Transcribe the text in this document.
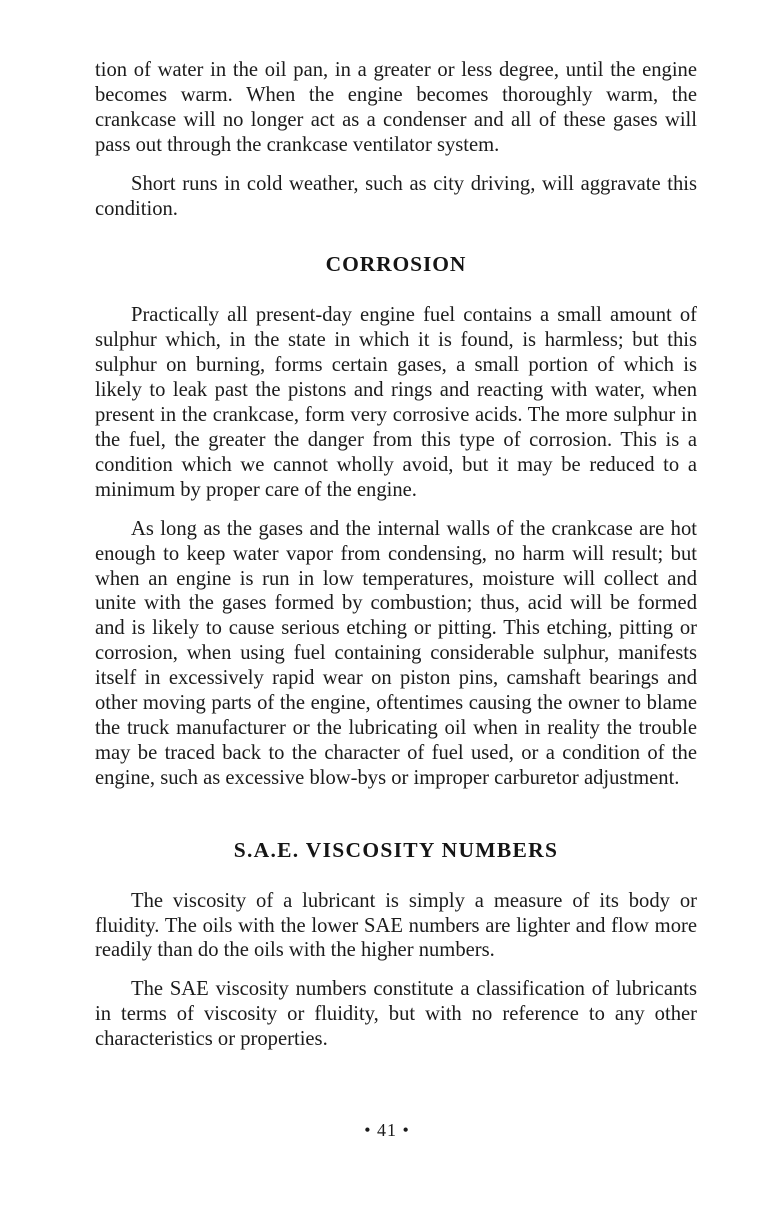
tion of water in the oil pan, in a greater or less degree, until the engine becomes warm. When the engine becomes thoroughly warm, the crankcase will no longer act as a condenser and all of these gases will pass out through the crankcase ventilator system.

Short runs in cold weather, such as city driving, will aggravate this condition.

CORROSION

Practically all present-day engine fuel contains a small amount of sulphur which, in the state in which it is found, is harmless; but this sulphur on burning, forms certain gases, a small portion of which is likely to leak past the pistons and rings and reacting with water, when present in the crankcase, form very corrosive acids. The more sulphur in the fuel, the greater the danger from this type of corrosion. This is a condition which we cannot wholly avoid, but it may be reduced to a minimum by proper care of the engine.

As long as the gases and the internal walls of the crankcase are hot enough to keep water vapor from condensing, no harm will result; but when an engine is run in low temperatures, moisture will collect and unite with the gases formed by combustion; thus, acid will be formed and is likely to cause serious etching or pitting. This etching, pitting or corrosion, when using fuel containing considerable sulphur, manifests itself in excessively rapid wear on piston pins, camshaft bearings and other moving parts of the engine, oftentimes causing the owner to blame the truck manufacturer or the lubricating oil when in reality the trouble may be traced back to the character of fuel used, or a condition of the engine, such as excessive blow-bys or improper carburetor adjustment.

S.A.E. VISCOSITY NUMBERS

The viscosity of a lubricant is simply a measure of its body or fluidity. The oils with the lower SAE numbers are lighter and flow more readily than do the oils with the higher numbers.

The SAE viscosity numbers constitute a classification of lubricants in terms of viscosity or fluidity, but with no reference to any other characteristics or properties.

• 41 •
